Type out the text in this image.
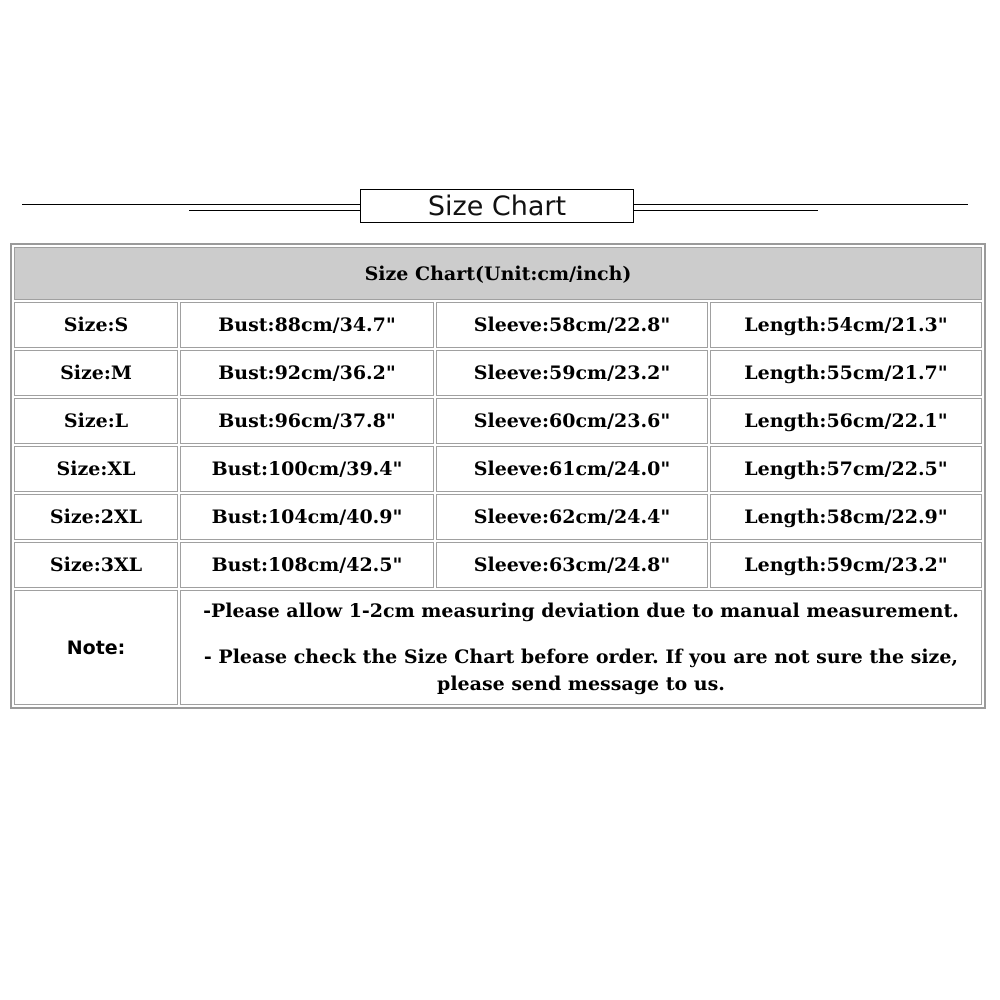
Size Chart
Size Chart(Unit:cm/inch)			
Size:S	Bust:88cm/34.7"	Sleeve:58cm/22.8"	Length:54cm/21.3"
Size:M	Bust:92cm/36.2"	Sleeve:59cm/23.2"	Length:55cm/21.7"
Size:L	Bust:96cm/37.8"	Sleeve:60cm/23.6"	Length:56cm/22.1"
Size:XL	Bust:100cm/39.4"	Sleeve:61cm/24.0"	Length:57cm/22.5"
Size:2XL	Bust:104cm/40.9"	Sleeve:62cm/24.4"	Length:58cm/22.9"
Size:3XL	Bust:108cm/42.5"	Sleeve:63cm/24.8"	Length:59cm/23.2"
Note:	-Please allow 1-2cm measuring deviation due to manual measurement.
- Please check the Size Chart before order. If you are not sure the size,
please send message to us.		
